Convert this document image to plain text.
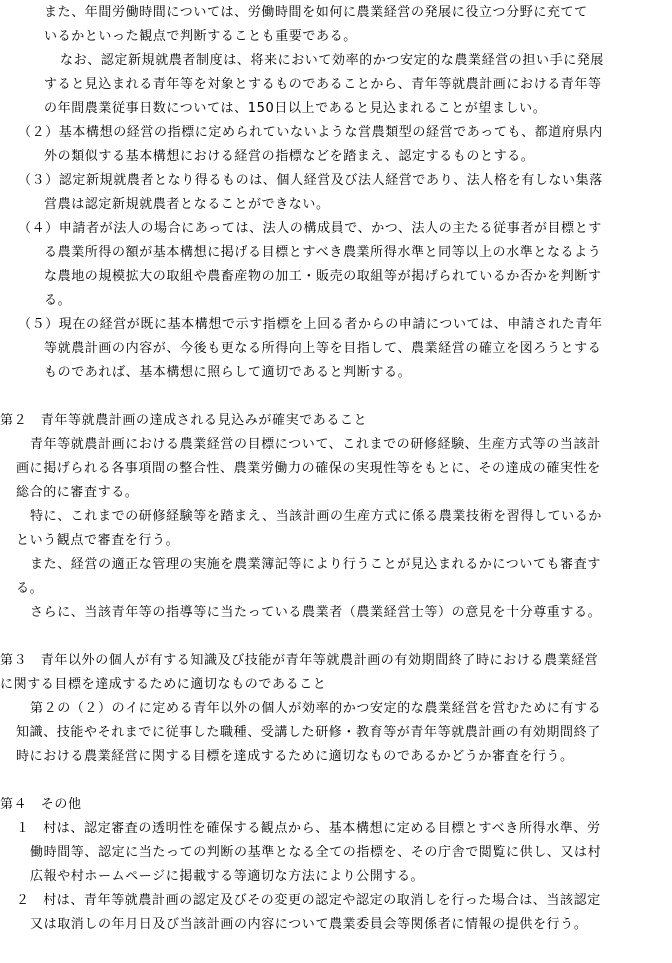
また、年間労働時間については、労働時間を如何に農業経営の発展に役立つ分野に充てて
いるかといった観点で判断することも重要である。
なお、認定新規就農者制度は、将来において効率的かつ安定的な農業経営の担い手に発展
すると見込まれる青年等を対象とするものであることから、青年等就農計画における青年等
の年間農業従事日数については、150日以上であると見込まれることが望ましい。
（２）基本構想の経営の指標に定められていないような営農類型の経営であっても、都道府県内
外の類似する基本構想における経営の指標などを踏まえ、認定するものとする。
（３）認定新規就農者となり得るものは、個人経営及び法人経営であり、法人格を有しない集落
営農は認定新規就農者となることができない。
（４）申請者が法人の場合にあっては、法人の構成員で、かつ、法人の主たる従事者が目標とす
る農業所得の額が基本構想に掲げる目標とすべき農業所得水準と同等以上の水準となるよう
な農地の規模拡大の取組や農畜産物の加工・販売の取組等が掲げられているか否かを判断す
る。
（５）現在の経営が既に基本構想で示す指標を上回る者からの申請については、申請された青年
等就農計画の内容が、今後も更なる所得向上等を目指して、農業経営の確立を図ろうとする
ものであれば、基本構想に照らして適切であると判断する。
第２　青年等就農計画の達成される見込みが確実であること
青年等就農計画における農業経営の目標について、これまでの研修経験、生産方式等の当該計
画に掲げられる各事項間の整合性、農業労働力の確保の実現性等をもとに、その達成の確実性を
総合的に審査する。
特に、これまでの研修経験等を踏まえ、当該計画の生産方式に係る農業技術を習得しているか
という観点で審査を行う。
また、経営の適正な管理の実施を農業簿記等により行うことが見込まれるかについても審査す
る。
さらに、当該青年等の指導等に当たっている農業者（農業経営士等）の意見を十分尊重する。
第３　青年以外の個人が有する知識及び技能が青年等就農計画の有効期間終了時における農業経営
に関する目標を達成するために適切なものであること
第２の（２）のイに定める青年以外の個人が効率的かつ安定的な農業経営を営むために有する
知識、技能やそれまでに従事した職種、受講した研修・教育等が青年等就農計画の有効期間終了
時における農業経営に関する目標を達成するために適切なものであるかどうか審査を行う。
第４　その他
１　村は、認定審査の透明性を確保する観点から、基本構想に定める目標とすべき所得水準、労
働時間等、認定に当たっての判断の基準となる全ての指標を、その庁舎で閲覧に供し、又は村
広報や村ホームページに掲載する等適切な方法により公開する。
２　村は、青年等就農計画の認定及びその変更の認定や認定の取消しを行った場合は、当該認定
又は取消しの年月日及び当該計画の内容について農業委員会等関係者に情報の提供を行う。
